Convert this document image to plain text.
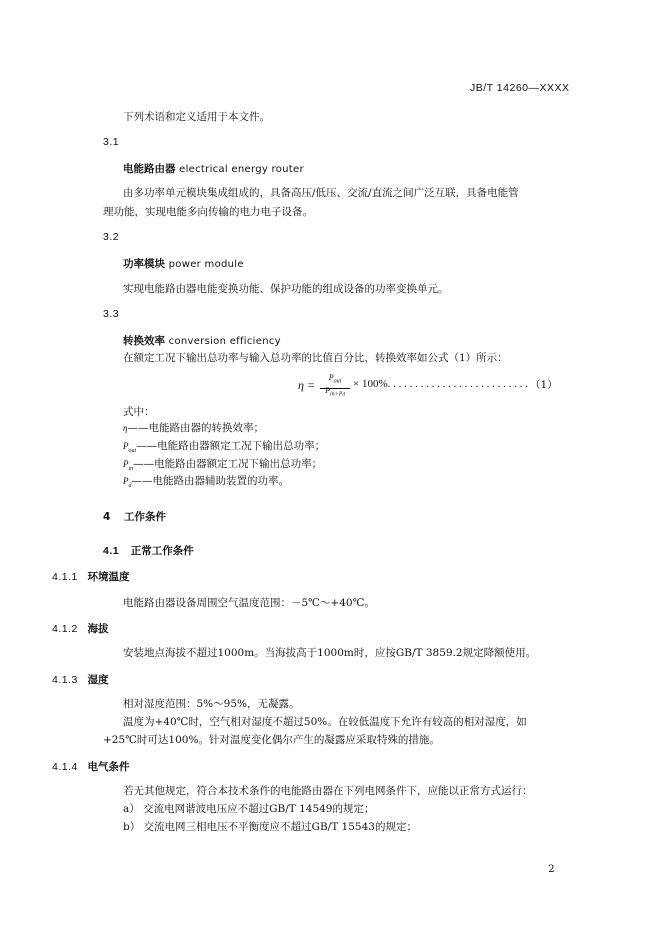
JB/T 14260—XXXX
下列术语和定义适用于本文件。
3.1
电能路由器 electrical energy router
由多功率单元模块集成组成的，具备高压/低压、交流/直流之间广泛互联，具备电能管
理功能，实现电能多向传输的电力电子设备。
3.2
功率模块 power module
实现电能路由器电能变换功能、保护功能的组成设备的功率变换单元。
3.3
转换效率 conversion efficiency
在额定工况下输出总功率与输入总功率的比值百分比，转换效率如公式（1）所示：
η =
$P_{out}$
$P_{in+Pd}$
× 100%. . . . . . . . . . . . . . . . . . . . . . . . . . （1）
式中：
η——电能路由器的转换效率；
$P_{out}——$电能路由器额定工况下输出总功率；
$P_{in}——$电能路由器额定工况下输出总功率；
$P_d——$电能路由器辅助装置的功率。
4 工作条件
4.1 正常工作条件
4.1.1 环境温度
电能路由器设备周围空气温度范围：－5℃～+40℃。
4.1.2 海拔
安装地点海拔不超过1000m。当海拔高于1000m时，应按GB/T 3859.2规定降额使用。
4.1.3 湿度
相对湿度范围：5%～95%，无凝露。
温度为+40℃时，空气相对湿度不超过50%。在较低温度下允许有较高的相对湿度，如
+25℃时可达100%。针对温度变化偶尔产生的凝露应采取特殊的措施。
4.1.4 电气条件
若无其他规定，符合本技术条件的电能路由器在下列电网条件下，应能以正常方式运行：
a） 交流电网谐波电压应不超过GB/T 14549的规定；
b） 交流电网三相电压不平衡度应不超过GB/T 15543的规定；
2
